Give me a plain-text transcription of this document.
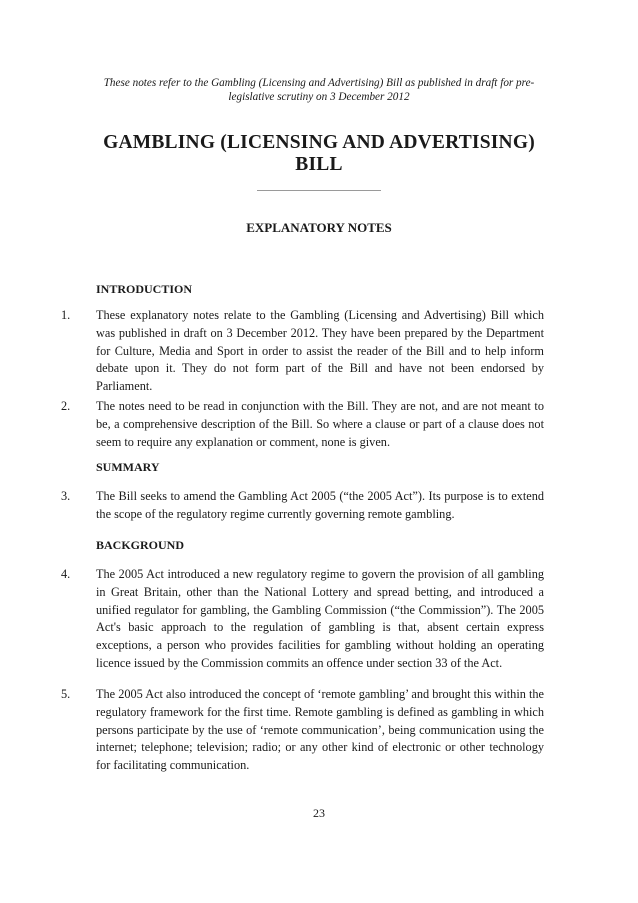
These notes refer to the Gambling (Licensing and Advertising) Bill as published in draft for pre-legislative scrutiny on 3 December 2012
GAMBLING (LICENSING AND ADVERTISING)
BILL
EXPLANATORY NOTES
INTRODUCTION
1.	These explanatory notes relate to the Gambling (Licensing and Advertising) Bill which was published in draft on 3 December 2012. They have been prepared by the Department for Culture, Media and Sport in order to assist the reader of the Bill and to help inform debate upon it. They do not form part of the Bill and have not been endorsed by Parliament.
2.	The notes need to be read in conjunction with the Bill. They are not, and are not meant to be, a comprehensive description of the Bill. So where a clause or part of a clause does not seem to require any explanation or comment, none is given.
SUMMARY
3.	The Bill seeks to amend the Gambling Act 2005 (“the 2005 Act”). Its purpose is to extend the scope of the regulatory regime currently governing remote gambling.
BACKGROUND
4.	The 2005 Act introduced a new regulatory regime to govern the provision of all gambling in Great Britain, other than the National Lottery and spread betting, and introduced a unified regulator for gambling, the Gambling Commission (“the Commission”). The 2005 Act's basic approach to the regulation of gambling is that, absent certain express exceptions, a person who provides facilities for gambling without holding an operating licence issued by the Commission commits an offence under section 33 of the Act.
5.	The 2005 Act also introduced the concept of ‘remote gambling’ and brought this within the regulatory framework for the first time. Remote gambling is defined as gambling in which persons participate by the use of ‘remote communication’, being communication using the internet; telephone; television; radio; or any other kind of electronic or other technology for facilitating communication.
23
